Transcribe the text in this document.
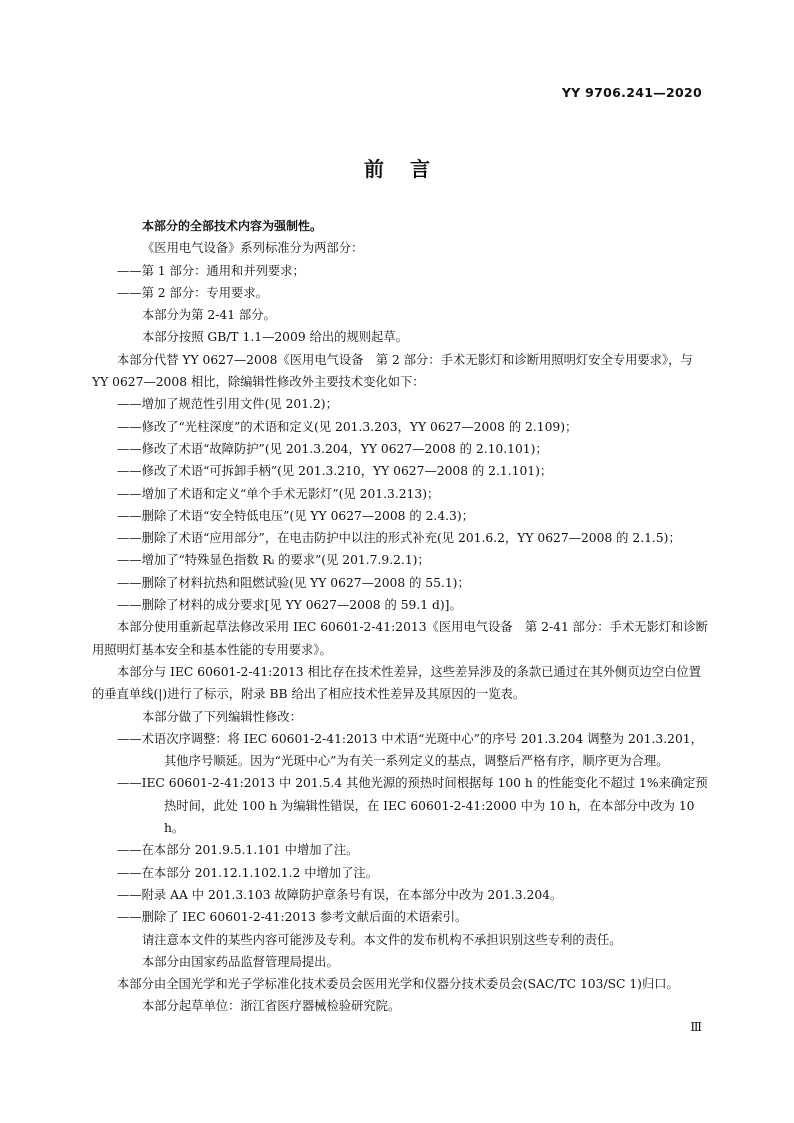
YY 9706.241—2020
前言

本部分的全部技术内容为强制性。

《医用电气设备》系列标准分为两部分：

——第 1 部分：通用和并列要求；

——第 2 部分：专用要求。

本部分为第 2-41 部分。

本部分按照 GB/T 1.1—2009 给出的规则起草。

本部分代替 YY 0627—2008《医用电气设备　第 2 部分：手术无影灯和诊断用照明灯安全专用要求》，与 YY 0627—2008 相比，除编辑性修改外主要技术变化如下：

——增加了规范性引用文件(见 201.2)；

——修改了“光柱深度”的术语和定义(见 201.3.203，YY 0627—2008 的 2.109)；

——修改了术语“故障防护”(见 201.3.204，YY 0627—2008 的 2.10.101)；

——修改了术语“可拆卸手柄”(见 201.3.210，YY 0627—2008 的 2.1.101)；

——增加了术语和定义“单个手术无影灯”(见 201.3.213)；

——删除了术语“安全特低电压”(见 YY 0627—2008 的 2.4.3)；

——删除了术语“应用部分”，在电击防护中以注的形式补充(见 201.6.2，YY 0627—2008 的 2.1.5)；

——增加了“特殊显色指数 Rᵢ 的要求”(见 201.7.9.2.1)；

——删除了材料抗热和阻燃试验(见 YY 0627—2008 的 55.1)；

——删除了材料的成分要求[见 YY 0627—2008 的 59.1 d)]。

本部分使用重新起草法修改采用 IEC 60601-2-41:2013《医用电气设备　第 2-41 部分：手术无影灯和诊断用照明灯基本安全和基本性能的专用要求》。

本部分与 IEC 60601-2-41:2013 相比存在技术性差异，这些差异涉及的条款已通过在其外侧页边空白位置的垂直单线(|)进行了标示，附录 BB 给出了相应技术性差异及其原因的一览表。

本部分做了下列编辑性修改：

——术语次序调整：将 IEC 60601-2-41:2013 中术语“光斑中心”的序号 201.3.204 调整为 201.3.201，其他序号顺延。因为“光斑中心”为有关一系列定义的基点，调整后严格有序，顺序更为合理。

——IEC 60601-2-41:2013 中 201.5.4 其他光源的预热时间根据每 100 h 的性能变化不超过 1%来确定预热时间，此处 100 h 为编辑性错误，在 IEC 60601-2-41:2000 中为 10 h，在本部分中改为 10 h。

——在本部分 201.9.5.1.101 中增加了注。

——在本部分 201.12.1.102.1.2 中增加了注。

——附录 AA 中 201.3.103 故障防护章条号有误，在本部分中改为 201.3.204。

——删除了 IEC 60601-2-41:2013 参考文献后面的术语索引。

请注意本文件的某些内容可能涉及专利。本文件的发布机构不承担识别这些专利的责任。

本部分由国家药品监督管理局提出。

本部分由全国光学和光子学标准化技术委员会医用光学和仪器分技术委员会(SAC/TC 103/SC 1)归口。

本部分起草单位：浙江省医疗器械检验研究院。

Ⅲ
